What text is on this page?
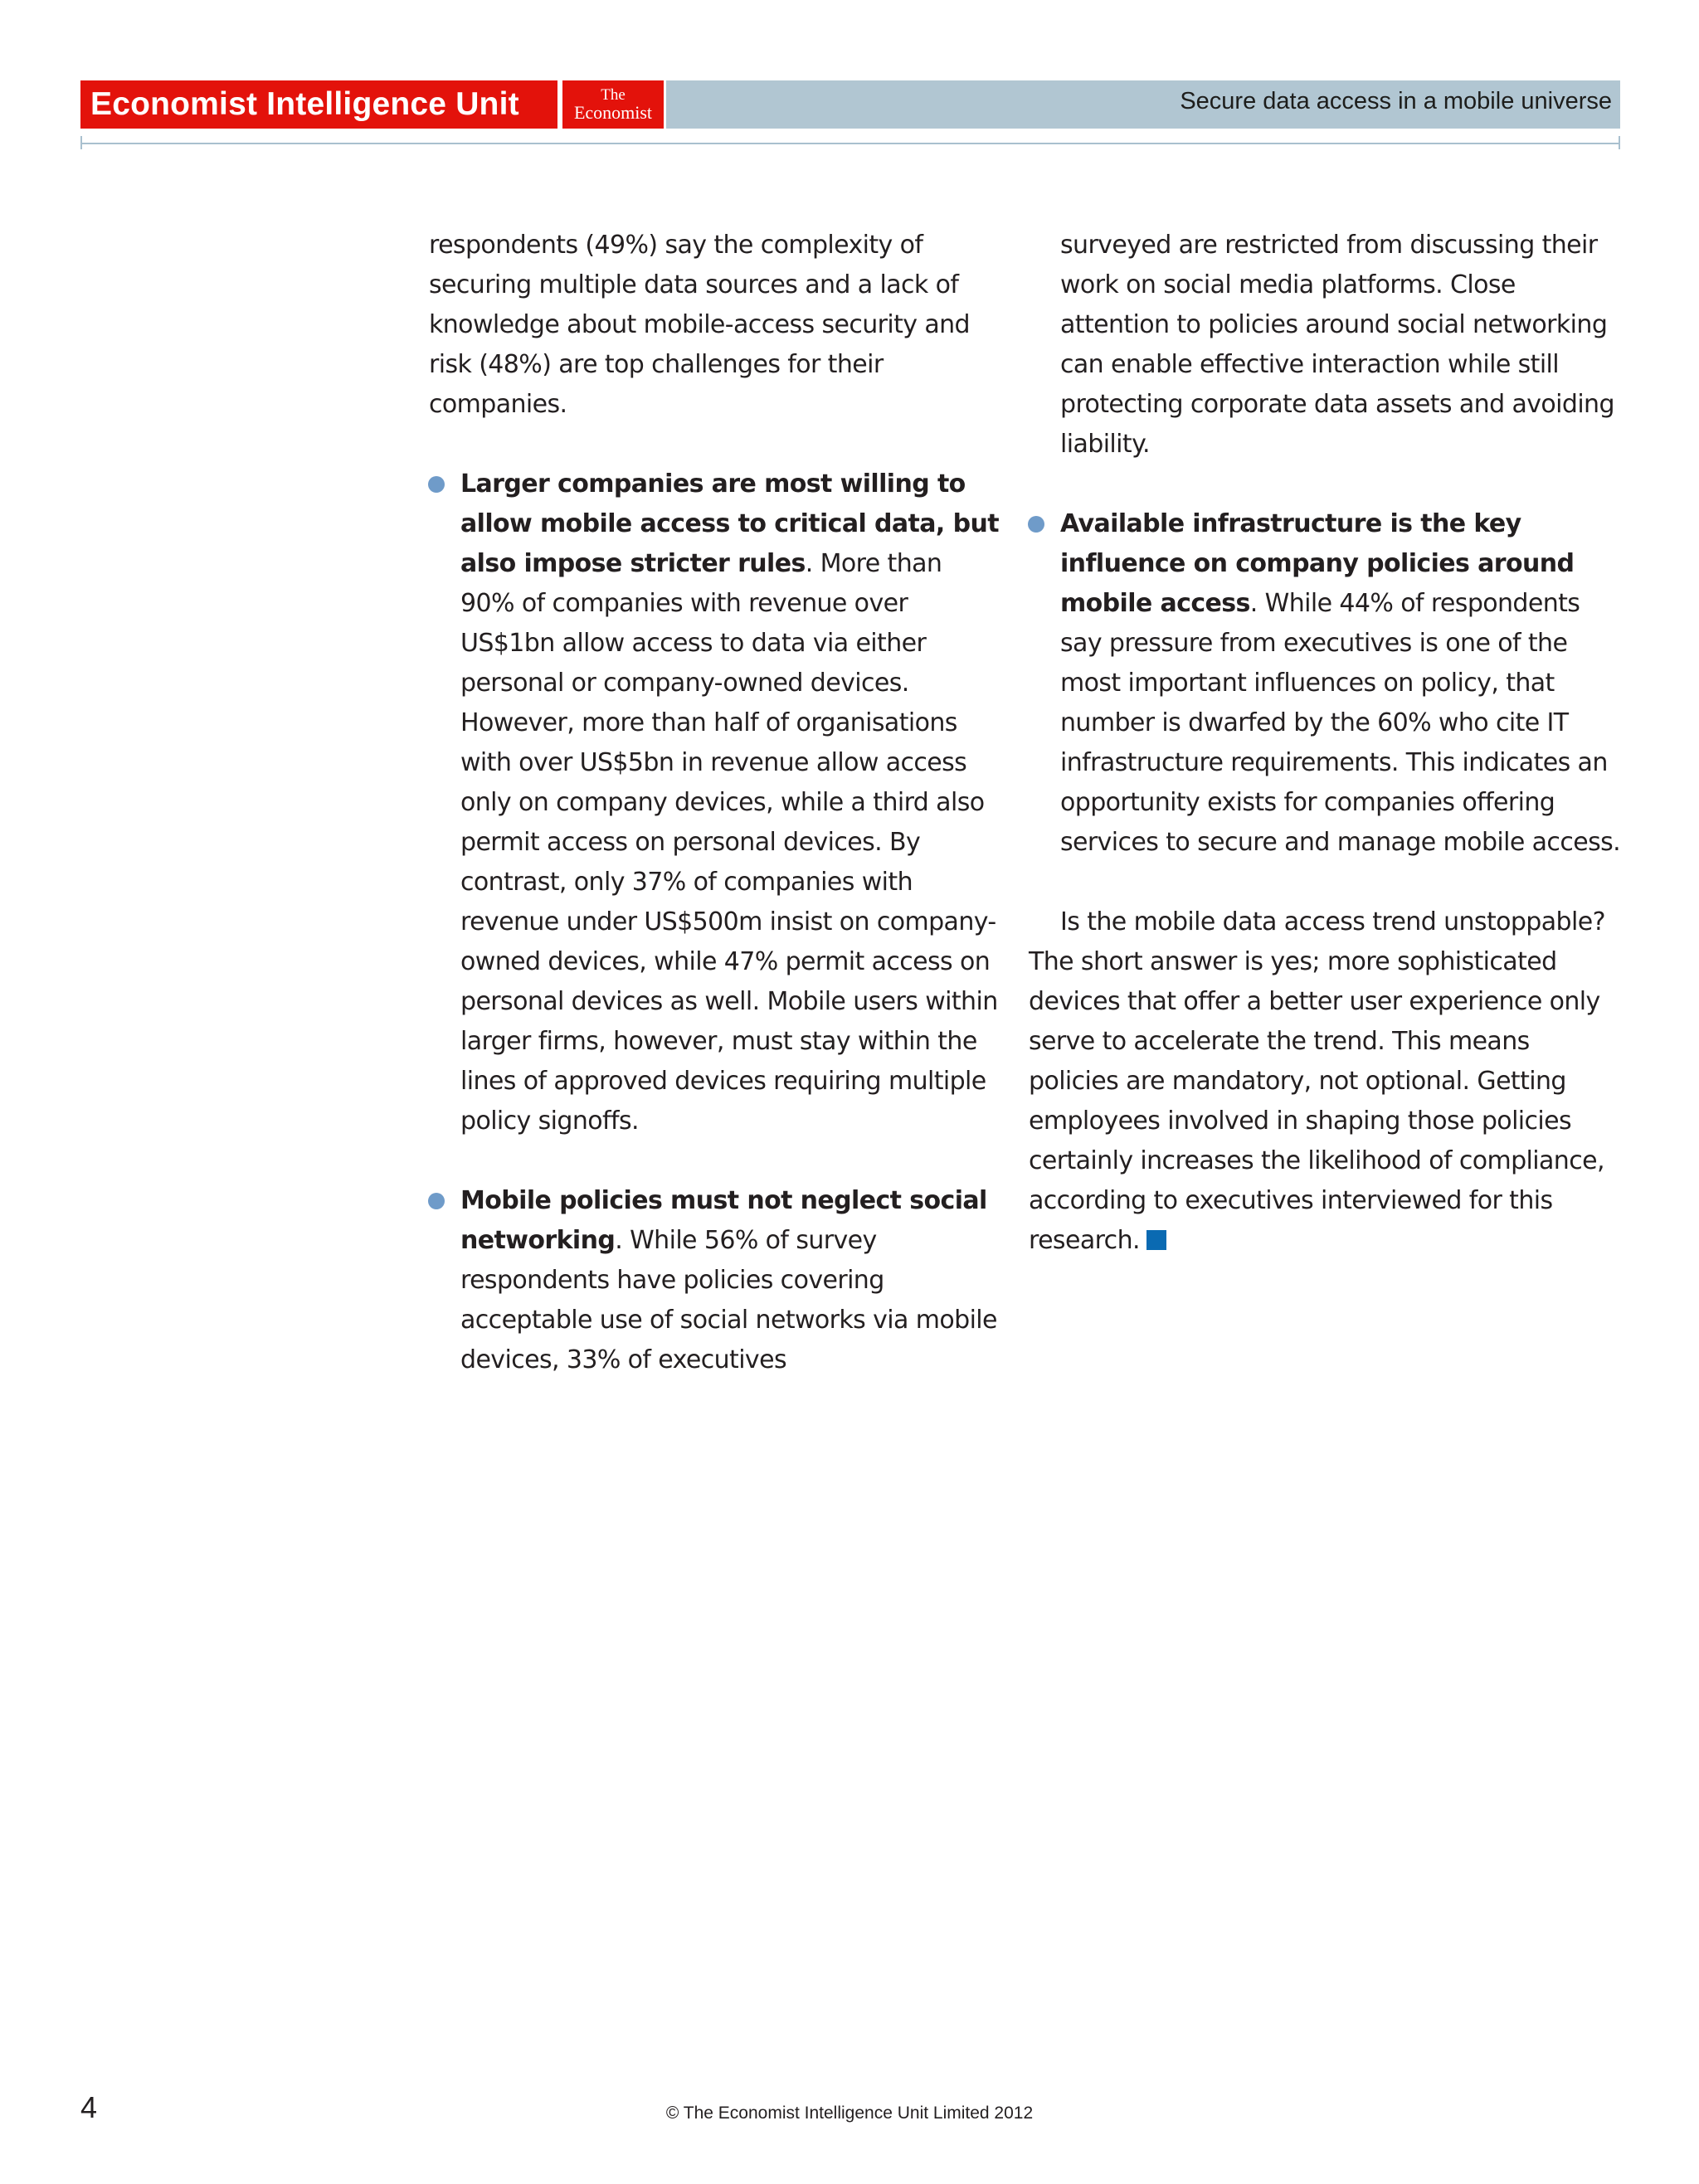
Economist Intelligence Unit	The
Economist	Secure data access in a mobile universe

respondents (49%) say the complexity of securing multiple data sources and a lack of knowledge about mobile-access security and risk (48%) are top challenges for their companies.

Larger companies are most willing to allow mobile access to critical data, but also impose stricter rules. More than 90% of companies with revenue over US$1bn allow access to data via either personal or company-owned devices. However, more than half of organisations with over US$5bn in revenue allow access only on company devices, while a third also permit access on personal devices. By contrast, only 37% of companies with revenue under US$500m insist on company-owned devices, while 47% permit access on personal devices as well. Mobile users within larger firms, however, must stay within the lines of approved devices requiring multiple policy signoffs.

Mobile policies must not neglect social networking. While 56% of survey respondents have policies covering acceptable use of social networks via mobile devices, 33% of executives

surveyed are restricted from discussing their work on social media platforms. Close attention to policies around social networking can enable effective interaction while still protecting corporate data assets and avoiding liability.

Available infrastructure is the key influence on company policies around mobile access. While 44% of respondents say pressure from executives is one of the most important influences on policy, that number is dwarfed by the 60% who cite IT infrastructure requirements. This indicates an opportunity exists for companies offering services to secure and manage mobile access.

Is the mobile data access trend unstoppable? The short answer is yes; more sophisticated devices that offer a better user experience only serve to accelerate the trend. This means policies are mandatory, not optional. Getting employees involved in shaping those policies certainly increases the likelihood of compliance, according to executives interviewed for this research.

4	© The Economist Intelligence Unit Limited 2012
